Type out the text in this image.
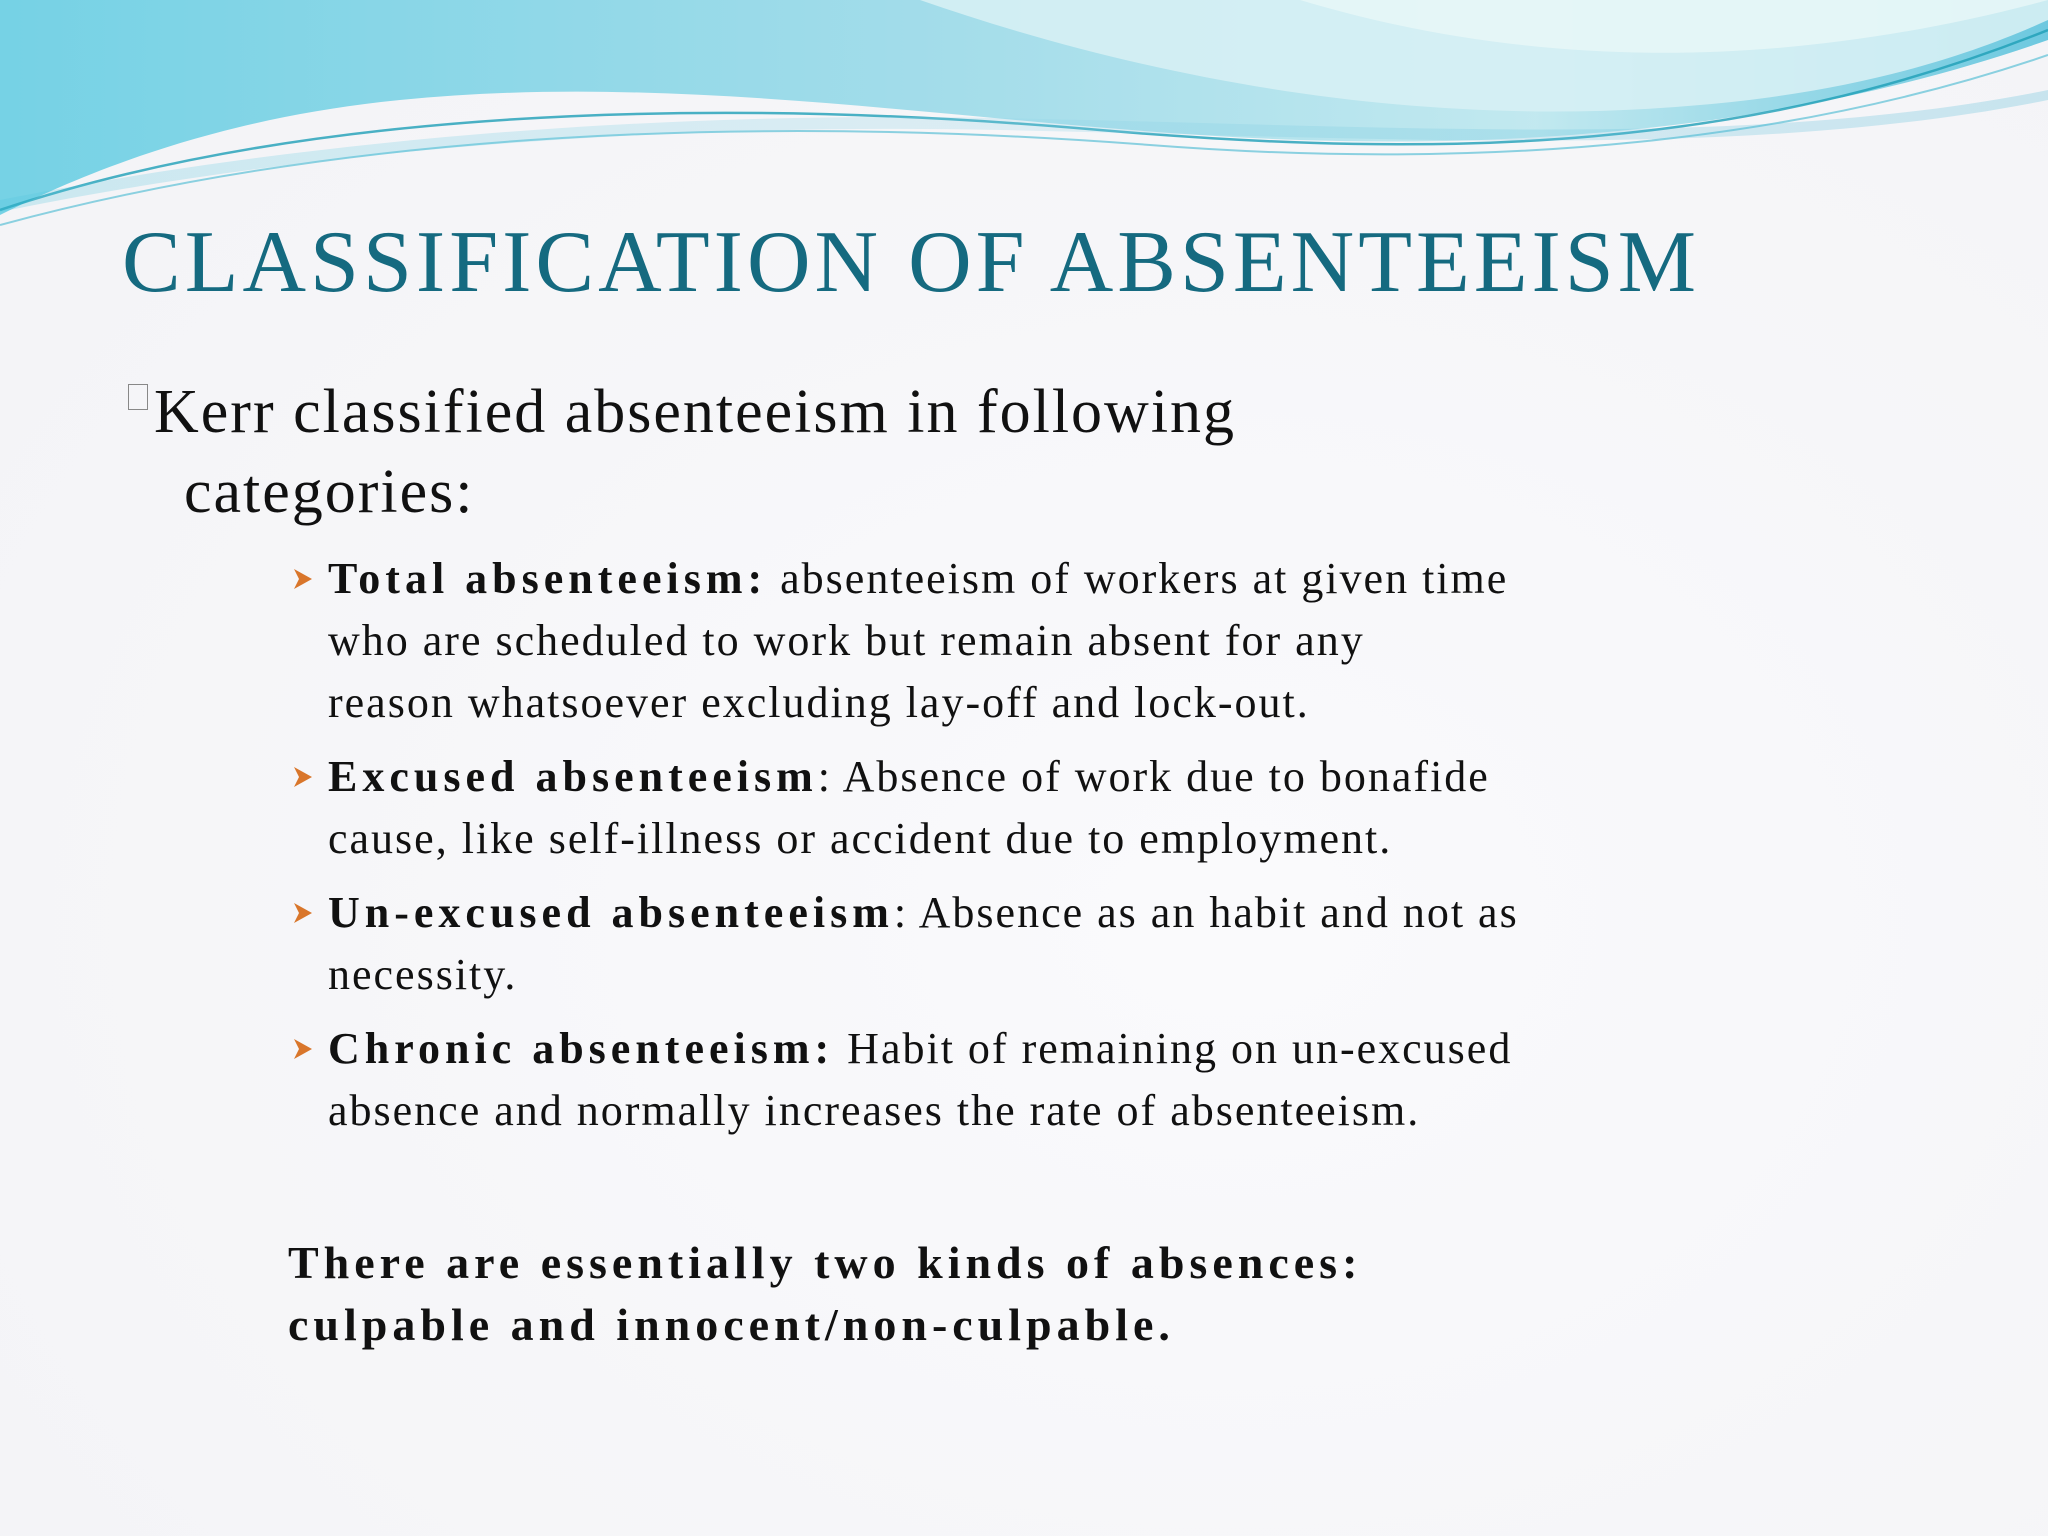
CLASSIFICATION OF ABSENTEEISM
Kerr classified absenteeism in following
categories:
Total absenteeism: absenteeism of workers at given time
who are scheduled to work but remain absent for any
reason whatsoever excluding lay-off and lock-out.
Excused absenteeism: Absence of work due to bonafide
cause, like self-illness or accident due to employment.
Un-excused absenteeism: Absence as an habit and not as
necessity.
Chronic absenteeism: Habit of remaining on un-excused
absence and normally increases the rate of absenteeism.
There are essentially two kinds of absences:
culpable and innocent/non-culpable.
